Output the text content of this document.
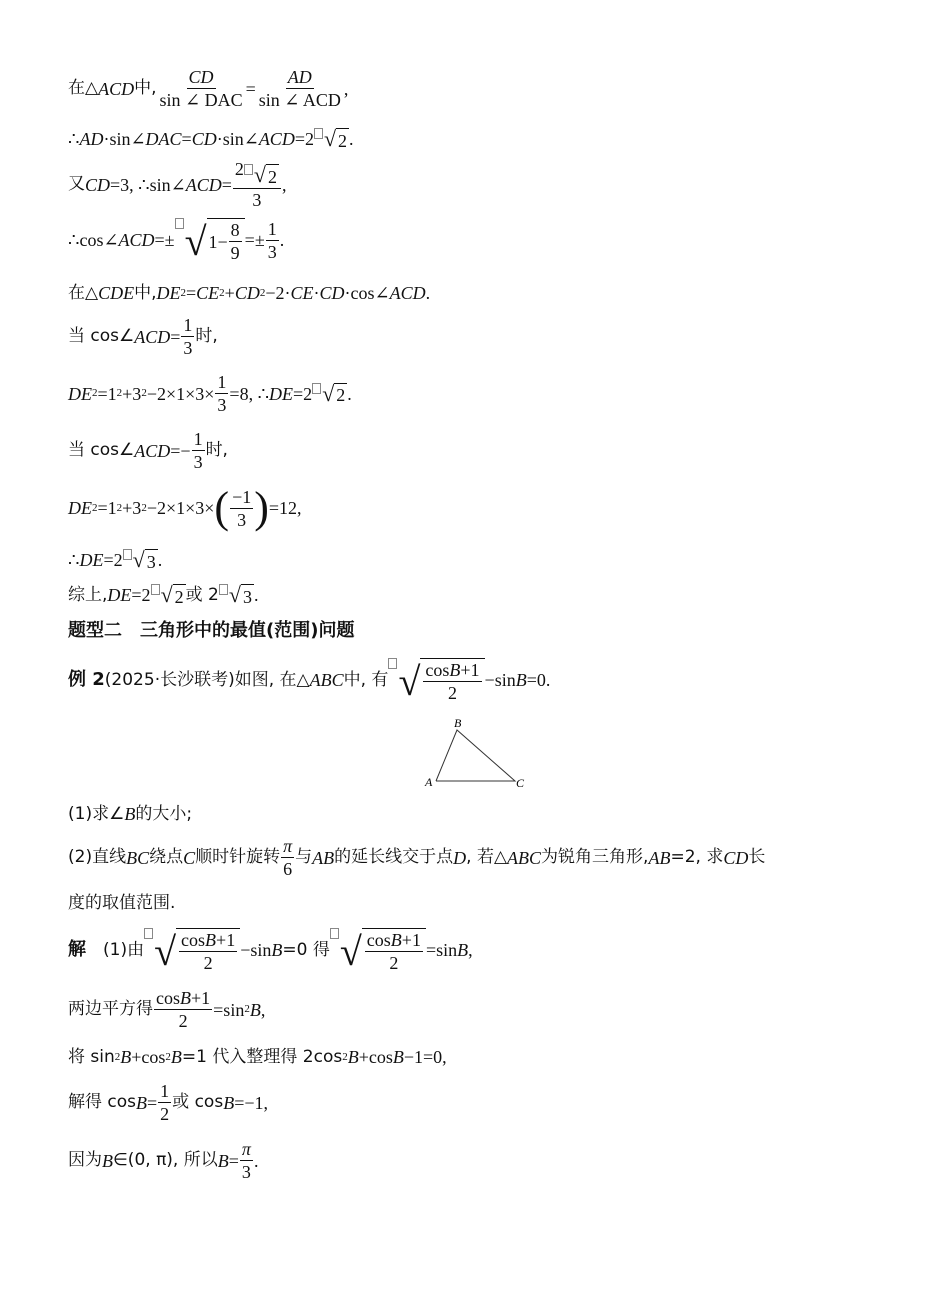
在△ ACD 中, $\frac{CD}{\text{sin ∠ DAC}} = \frac{AD}{\text{sin ∠ ACD}}$ ,
∴ AD ·sin∠ DAC = CD ·sin∠ ACD =2 √ 2 .
又 CD =3, ∴sin∠ ACD = $\frac{2 √ 2}{3}$ ,
∴cos∠ ACD =± √ $1- \frac{8}{9} =\pm \frac{1}{3}$ .
在△ CDE 中, DE 2 = CE 2 + CD 2 −2· CE · CD ·cos∠ ACD .
当 cos∠ ACD = $\frac{1}{3}$ 时,
DE 2 =1 2 +3 $2 -2\times 1\times 3\times \frac{1}{3} =8$, ∴ DE =2 √ 2 .
当 cos∠ ACD =− $\frac{1}{3}$ 时,
DE 2 =1 2 +3 2 −2×1×3× ( $\frac{-1}{3}$ ) =12,
∴ DE =2 √ 3 .
综上, DE =2 √ 2 或 2 √ 3 .
题型二　三角形中的最值(范围)问题
例 2 (2025·长沙联考)如图, 在△ ABC 中, 有 √ $\frac{\cos B+1}{2} -\sin$ B =0.
B
A	C
(1)求∠ B 的大小;
(2)直线 BC 绕点 C 顺时针旋转 $\frac{\pi}{6}$ 与 AB 的延长线交于点 D , 若△ ABC 为锐角三角形, AB =2, 求 CD 长
度的取值范围.
解 　(1)由 √ $\frac{\cos B+1}{2} -\sin$ B =0 得 √ $\frac{\cos B+1}{2} =\sin$ B ,
两边平方得 $\frac{\cos B+1}{2} =\sin$ 2 B ,
将 sin 2 B +cos 2 B =1 代入整理得 2cos 2 B +cos B −1=0,
解得 $\cos B = \frac{1}{2}$ 或 cos B =−1,
因为 B ∈(0, π), 所以 $B = \frac{\pi}{3}$ .
